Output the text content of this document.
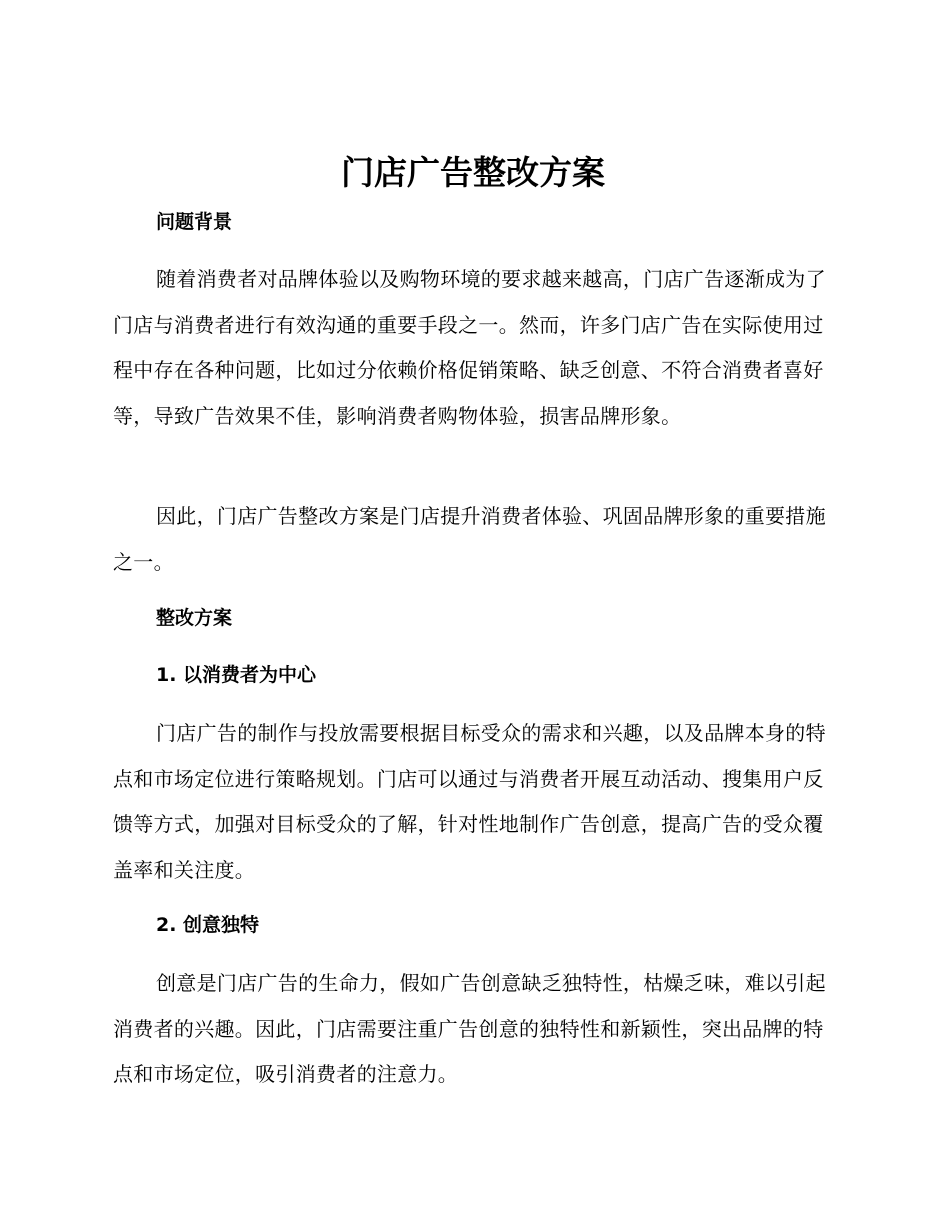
门店广告整改方案
问题背景

随着消费者对品牌体验以及购物环境的要求越来越高，门店广告逐渐成为了门店与消费者进行有效沟通的重要手段之一。然而，许多门店广告在实际使用过程中存在各种问题，比如过分依赖价格促销策略、缺乏创意、不符合消费者喜好等，导致广告效果不佳，影响消费者购物体验，损害品牌形象。

因此，门店广告整改方案是门店提升消费者体验、巩固品牌形象的重要措施之一。

整改方案
1. 以消费者为中心

门店广告的制作与投放需要根据目标受众的需求和兴趣，以及品牌本身的特点和市场定位进行策略规划。门店可以通过与消费者开展互动活动、搜集用户反馈等方式，加强对目标受众的了解，针对性地制作广告创意，提高广告的受众覆盖率和关注度。

2. 创意独特

创意是门店广告的生命力，假如广告创意缺乏独特性，枯燥乏味，难以引起消费者的兴趣。因此，门店需要注重广告创意的独特性和新颖性，突出品牌的特点和市场定位，吸引消费者的注意力。
